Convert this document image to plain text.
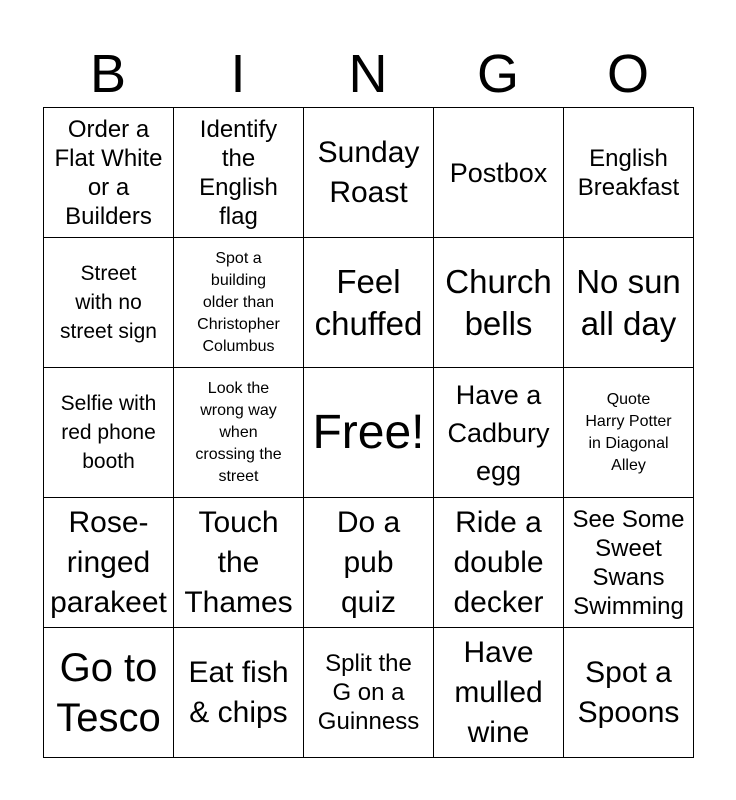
B	I	N	G	O
Order a
Flat White
or a
Builders	Identify
the
English
flag	Sunday
Roast	Postbox	English
Breakfast

Street
with no
street sign	Spot a
building
older than
Christopher
Columbus	Feel
chuffed	Church
bells	No sun
all day

Selfie with
red phone
booth	Look the
wrong way
when
crossing the
street	Free!	Have a
Cadbury
egg	Quote
Harry Potter
in Diagonal
Alley

Rose-
ringed
parakeet	Touch
the
Thames	Do a
pub
quiz	Ride a
double
decker	See Some
Sweet
Swans
Swimming

Go to
Tesco	Eat fish
& chips	Split the
G on a
Guinness	Have
mulled
wine	Spot a
Spoons
